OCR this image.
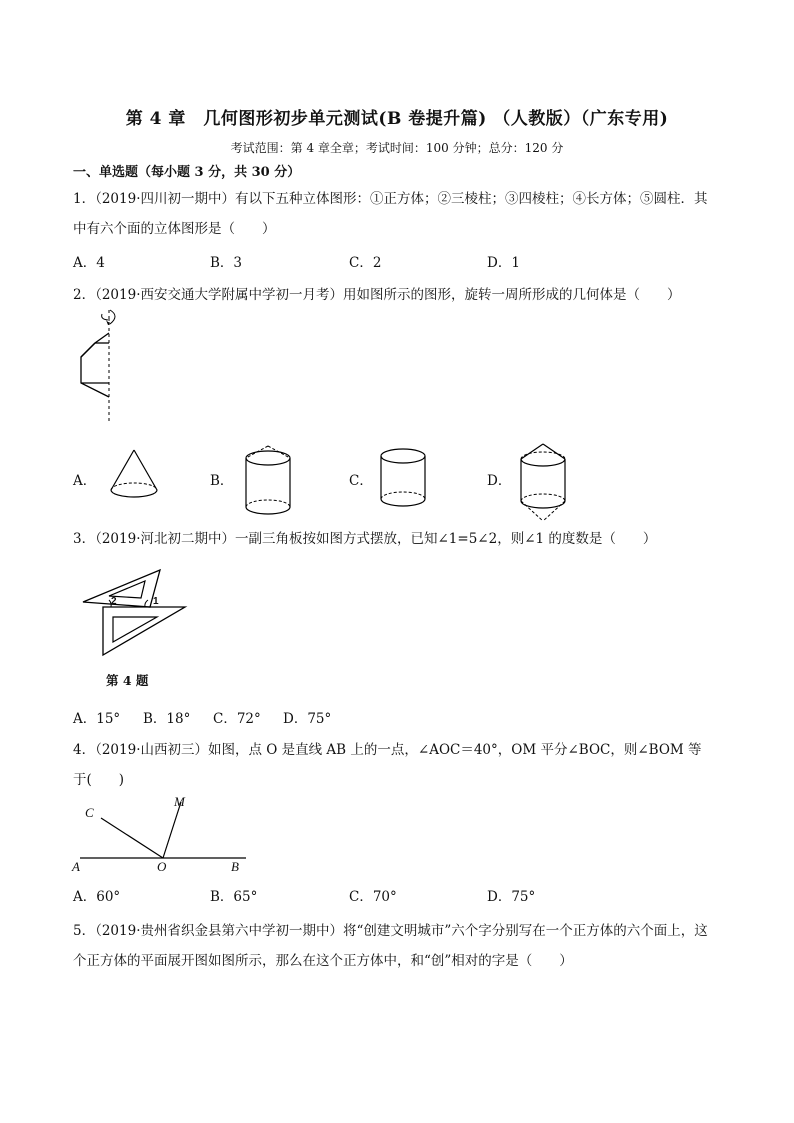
第 4 章　几何图形初步单元测试(B 卷提升篇) （人教版）（广东专用)
考试范围：第 4 章全章；考试时间：100 分钟；总分：120 分
一、单选题（每小题 3 分，共 30 分）
1．（2019·四川初一期中）有以下五种立体图形：①正方体；②三棱柱；③四棱柱；④长方体；⑤圆柱．其
中有六个面的立体图形是（　　）
A．4	B．3	C．2	D．1
2．（2019·西安交通大学附属中学初一月考）用如图所示的图形，旋转一周所形成的几何体是（　　）
A．	B．	C．	D．
3．（2019·河北初二期中）一副三角板按如图方式摆放，已知∠1=5∠2，则∠1 的度数是（　　）
2	1
第 4 题
A．15° B．18° C．72° D．75°
4．（2019·山西初三）如图，点 O 是直线 AB 上的一点，∠AOC＝40°，OM 平分∠BOC，则∠BOM 等
于(　　)
C
M
A	O	B
A．60°	B．65°	C．70°	D．75°
5．（2019·贵州省织金县第六中学初一期中）将“创建文明城市”六个字分别写在一个正方体的六个面上，这
个正方体的平面展开图如图所示，那么在这个正方体中，和“创”相对的字是（　　）
